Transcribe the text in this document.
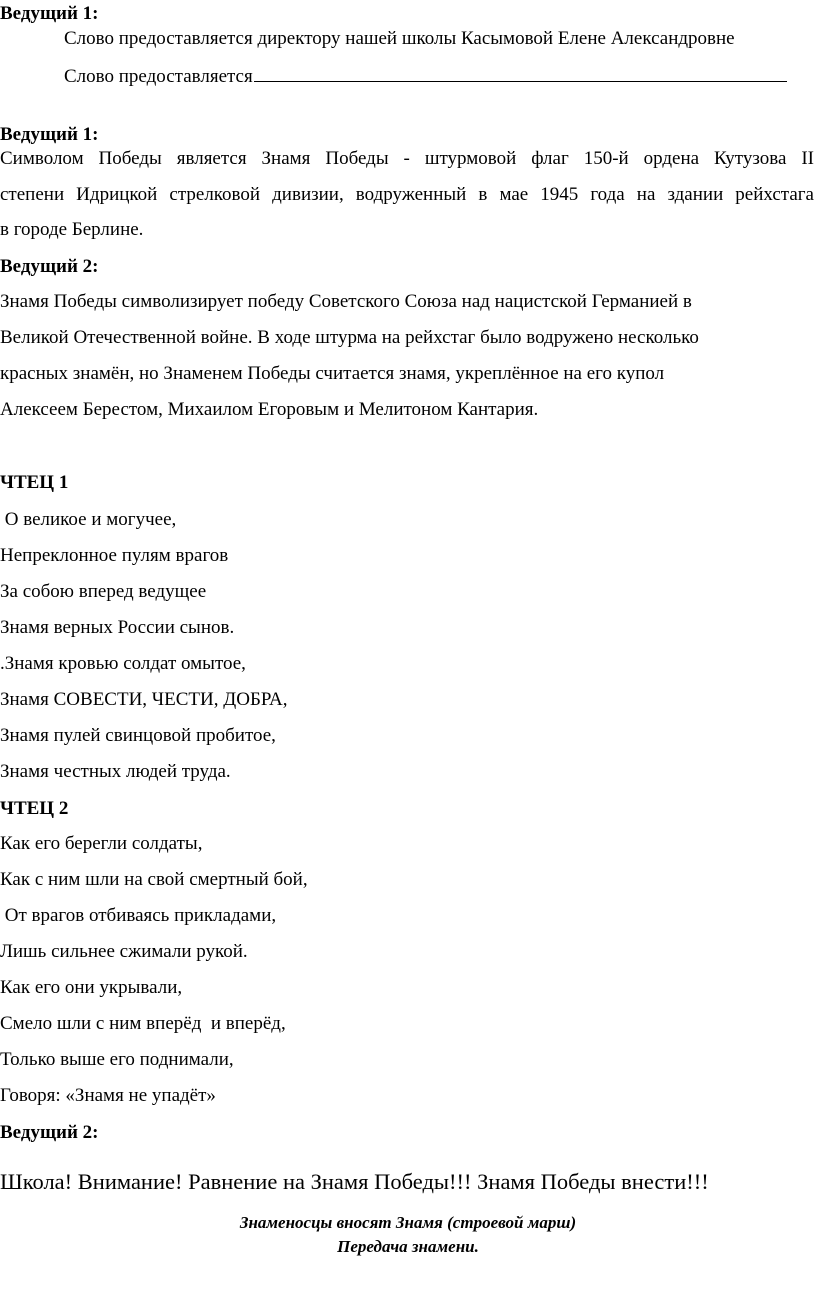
Ведущий 1:
Слово предоставляется директору нашей школы Касымовой Елене Александровне
Слово предоставляется
Ведущий 1:
Символом Победы является Знамя Победы - штурмовой флаг 150-й ордена Кутузова II
степени Идрицкой стрелковой дивизии, водруженный в мае 1945 года на здании рейхстага
в городе Берлине.
Ведущий 2:
Знамя Победы символизирует победу Советского Союза над нацистской Германией в
Великой Отечественной войне. В ходе штурма на рейхстаг было водружено несколько
красных знамён, но Знаменем Победы считается знамя, укреплённое на его купол
Алексеем Берестом, Михаилом Егоровым и Мелитоном Кантария.
ЧТЕЦ 1
О великое и могучее,
Непреклонное пулям врагов
За собою вперед ведущее
Знамя верных России сынов.
.Знамя кровью солдат омытое,
Знамя СОВЕСТИ, ЧЕСТИ, ДОБРА,
Знамя пулей свинцовой пробитое,
Знамя честных людей труда.
ЧТЕЦ 2
Как его берегли солдаты,
Как с ним шли на свой смертный бой,
От врагов отбиваясь прикладами,
Лишь сильнее сжимали рукой.
Как его они укрывали,
Смело шли с ним вперёд  и вперёд,
Только выше его поднимали,
Говоря: «Знамя не упадёт»
Ведущий 2:
Школа! Внимание! Равнение на Знамя Победы!!! Знамя Победы внести!!!
Знаменосцы вносят Знамя (строевой марш)
Передача знамени.
